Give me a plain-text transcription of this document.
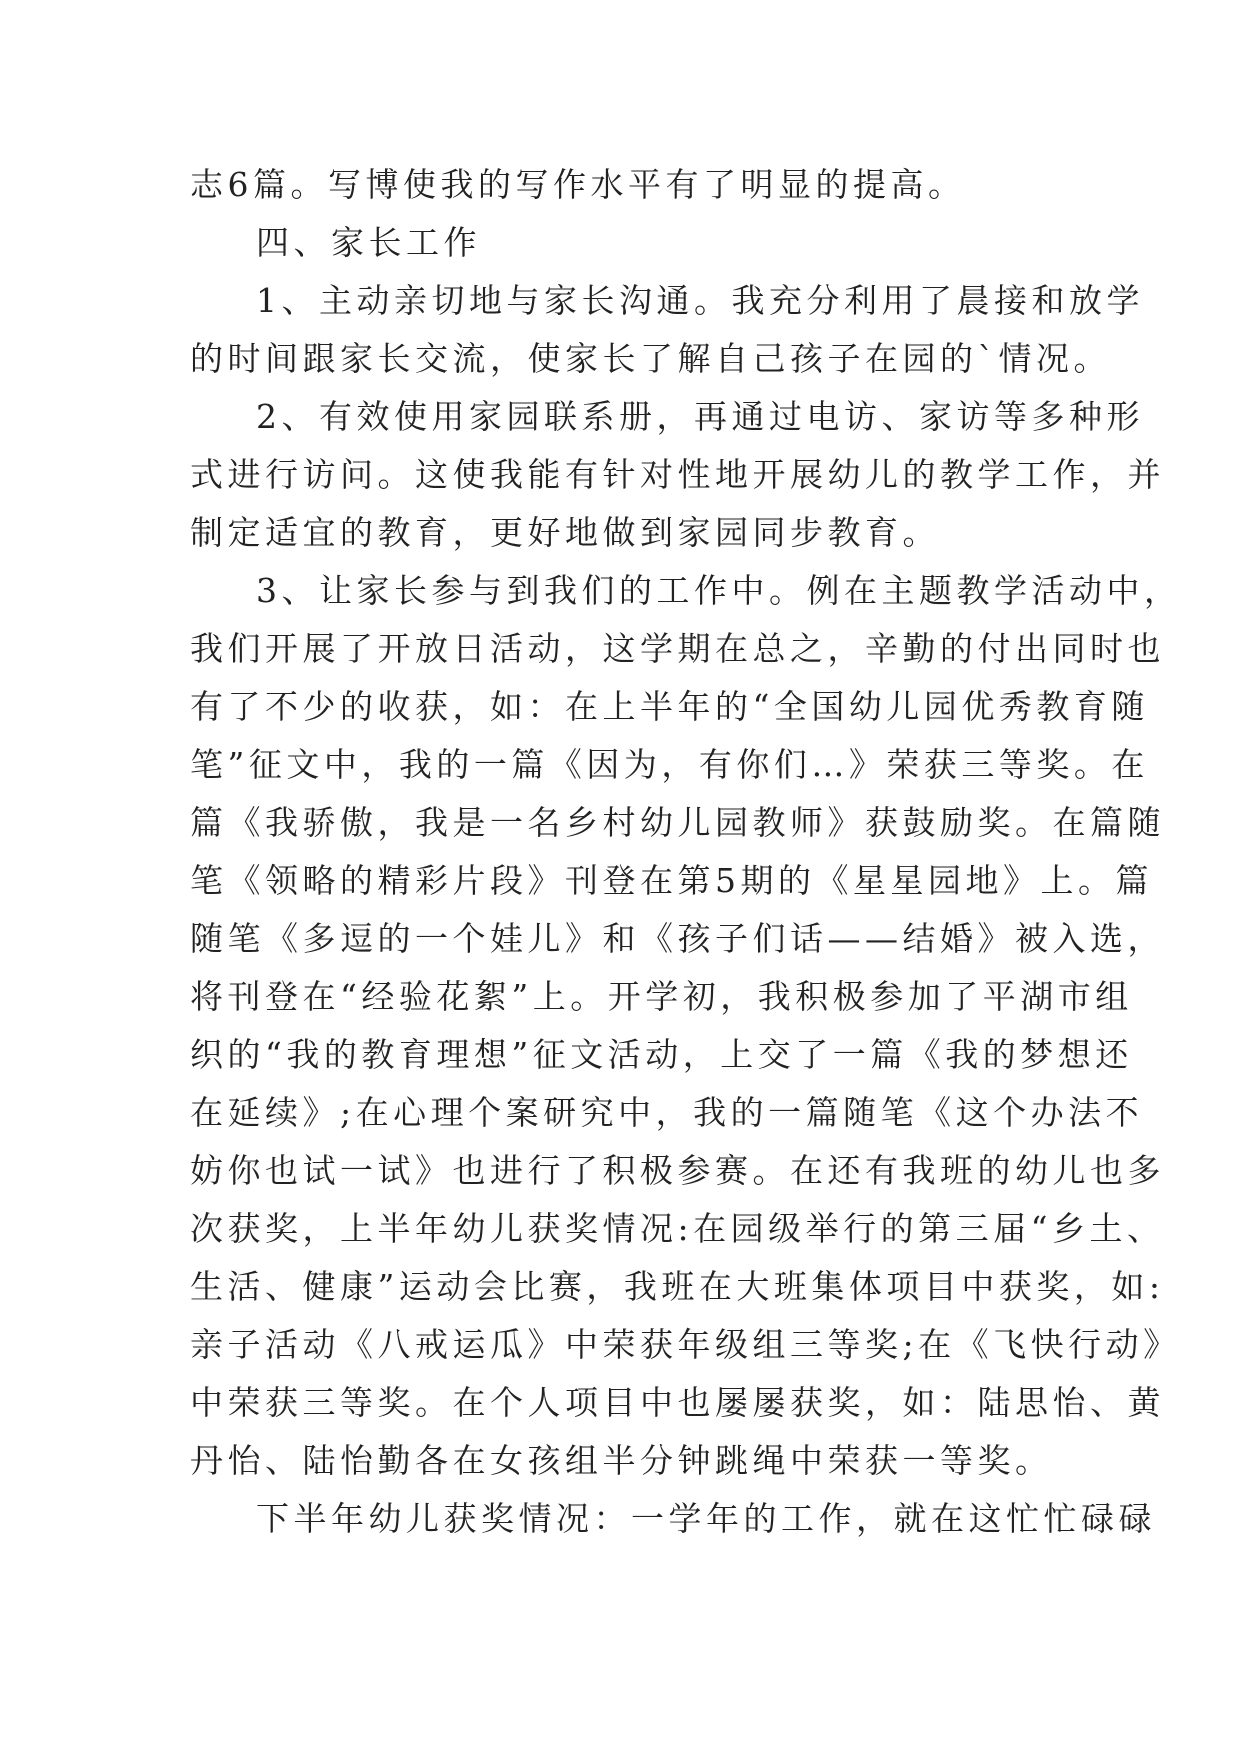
志6篇。写博使我的写作水平有了明显的提高。
四、家长工作
1、主动亲切地与家长沟通。我充分利用了晨接和放学
的时间跟家长交流，使家长了解自己孩子在园的`情况。
2、有效使用家园联系册，再通过电访、家访等多种形
式进行访问。这使我能有针对性地开展幼儿的教学工作，并
制定适宜的教育，更好地做到家园同步教育。
3、让家长参与到我们的工作中。例在主题教学活动中，
我们开展了开放日活动，这学期在总之，辛勤的付出同时也
有了不少的收获，如：在上半年的“全国幼儿园优秀教育随
笔”征文中，我的一篇《因为，有你们…》荣获三等奖。在
篇《我骄傲，我是一名乡村幼儿园教师》获鼓励奖。在篇随
笔《领略的精彩片段》刊登在第5期的《星星园地》上。篇
随笔《多逗的一个娃儿》和《孩子们话——结婚》被入选，
将刊登在“经验花絮”上。开学初，我积极参加了平湖市组
织的“我的教育理想”征文活动，上交了一篇《我的梦想还
在延续》;在心理个案研究中，我的一篇随笔《这个办法不
妨你也试一试》也进行了积极参赛。在还有我班的幼儿也多
次获奖，上半年幼儿获奖情况:在园级举行的第三届“乡土、
生活、健康”运动会比赛，我班在大班集体项目中获奖，如:
亲子活动《八戒运瓜》中荣获年级组三等奖;在《飞快行动》
中荣获三等奖。在个人项目中也屡屡获奖，如：陆思怡、黄
丹怡、陆怡勤各在女孩组半分钟跳绳中荣获一等奖。
下半年幼儿获奖情况：一学年的工作，就在这忙忙碌碌
